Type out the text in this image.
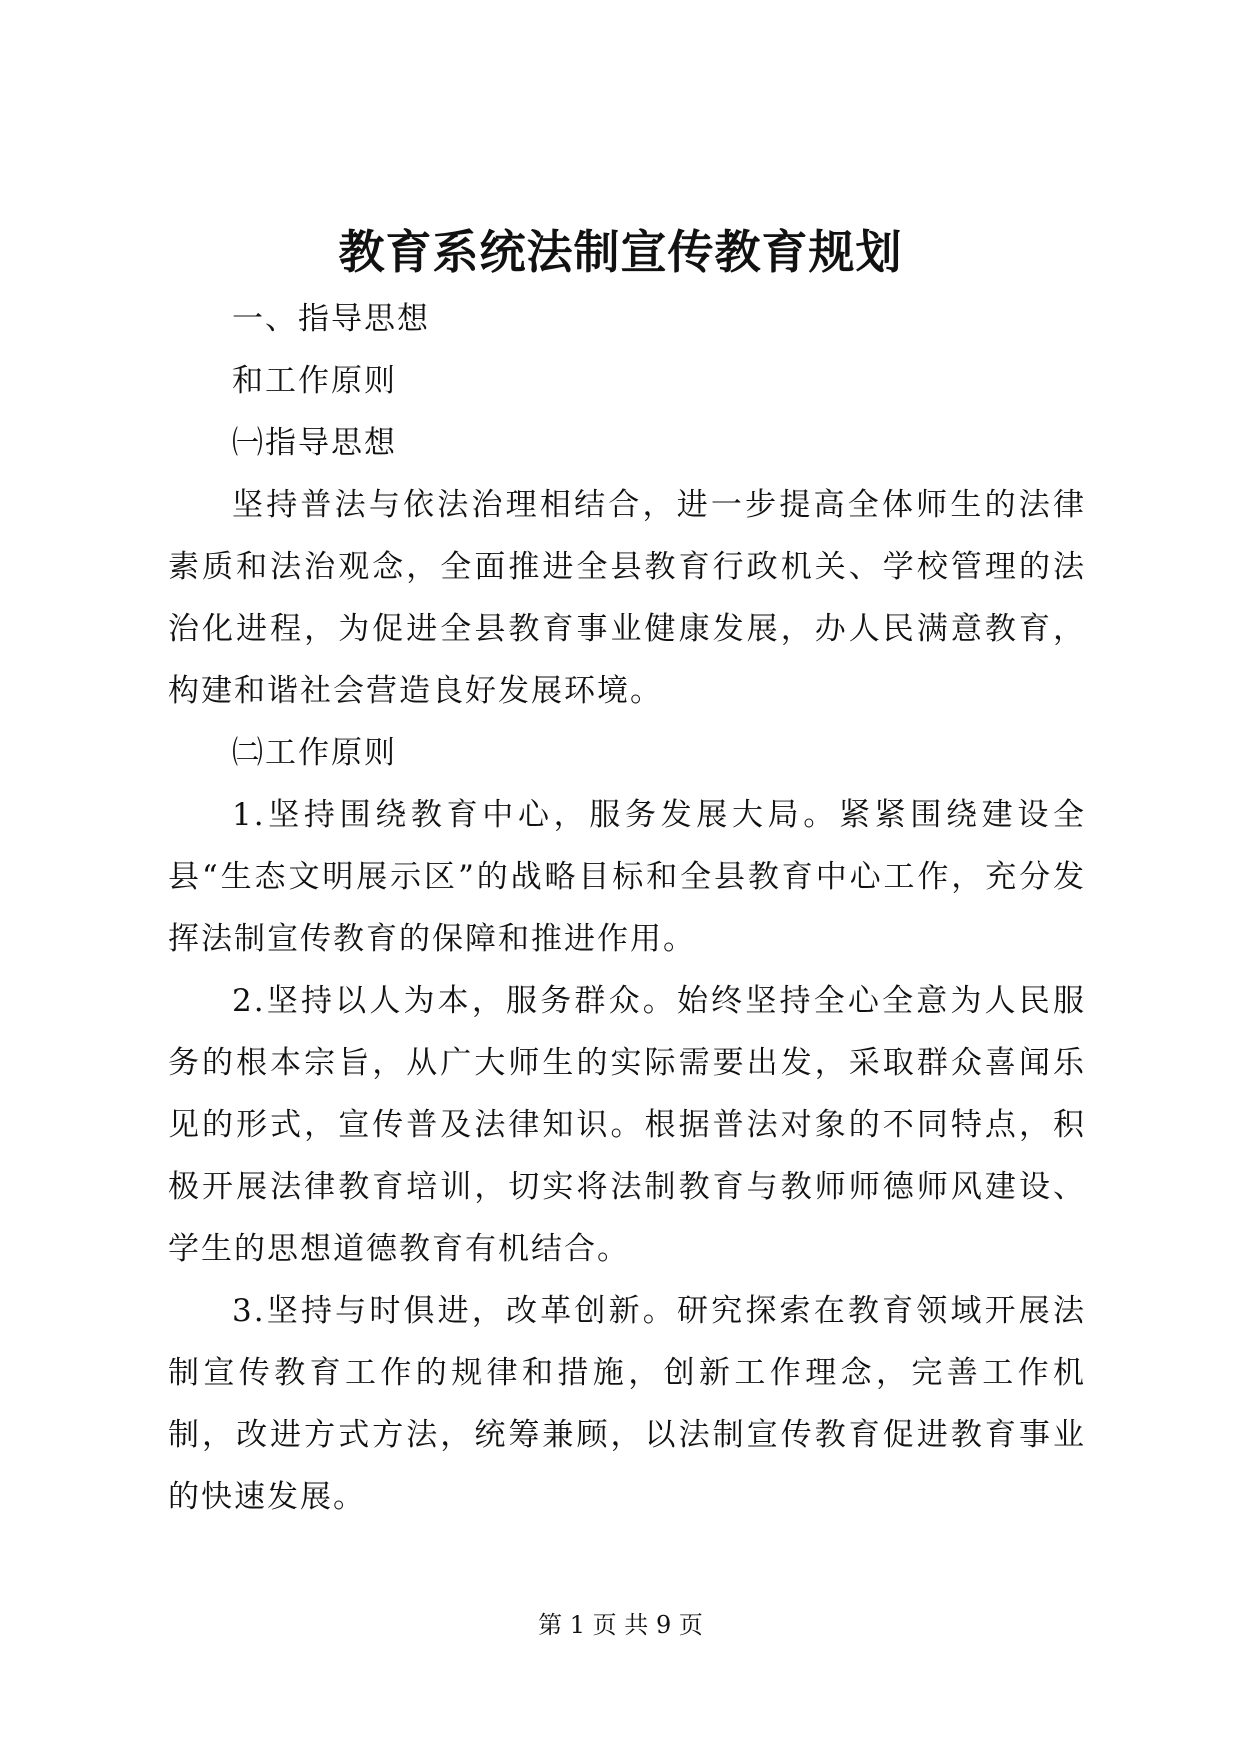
教育系统法制宣传教育规划

一、指导思想

和工作原则

㈠指导思想

坚持普法与依法治理相结合，进一步提高全体师生的法律素质和法治观念，全面推进全县教育行政机关、学校管理的法治化进程，为促进全县教育事业健康发展，办人民满意教育，构建和谐社会营造良好发展环境。

㈡工作原则

1.坚持围绕教育中心，服务发展大局。紧紧围绕建设全县“生态文明展示区”的战略目标和全县教育中心工作，充分发挥法制宣传教育的保障和推进作用。

2.坚持以人为本，服务群众。始终坚持全心全意为人民服务的根本宗旨，从广大师生的实际需要出发，采取群众喜闻乐见的形式，宣传普及法律知识。根据普法对象的不同特点，积极开展法律教育培训，切实将法制教育与教师师德师风建设、学生的思想道德教育有机结合。

3.坚持与时俱进，改革创新。研究探索在教育领域开展法制宣传教育工作的规律和措施，创新工作理念，完善工作机制，改进方式方法，统筹兼顾，以法制宣传教育促进教育事业的快速发展。

第 1 页 共 9 页
